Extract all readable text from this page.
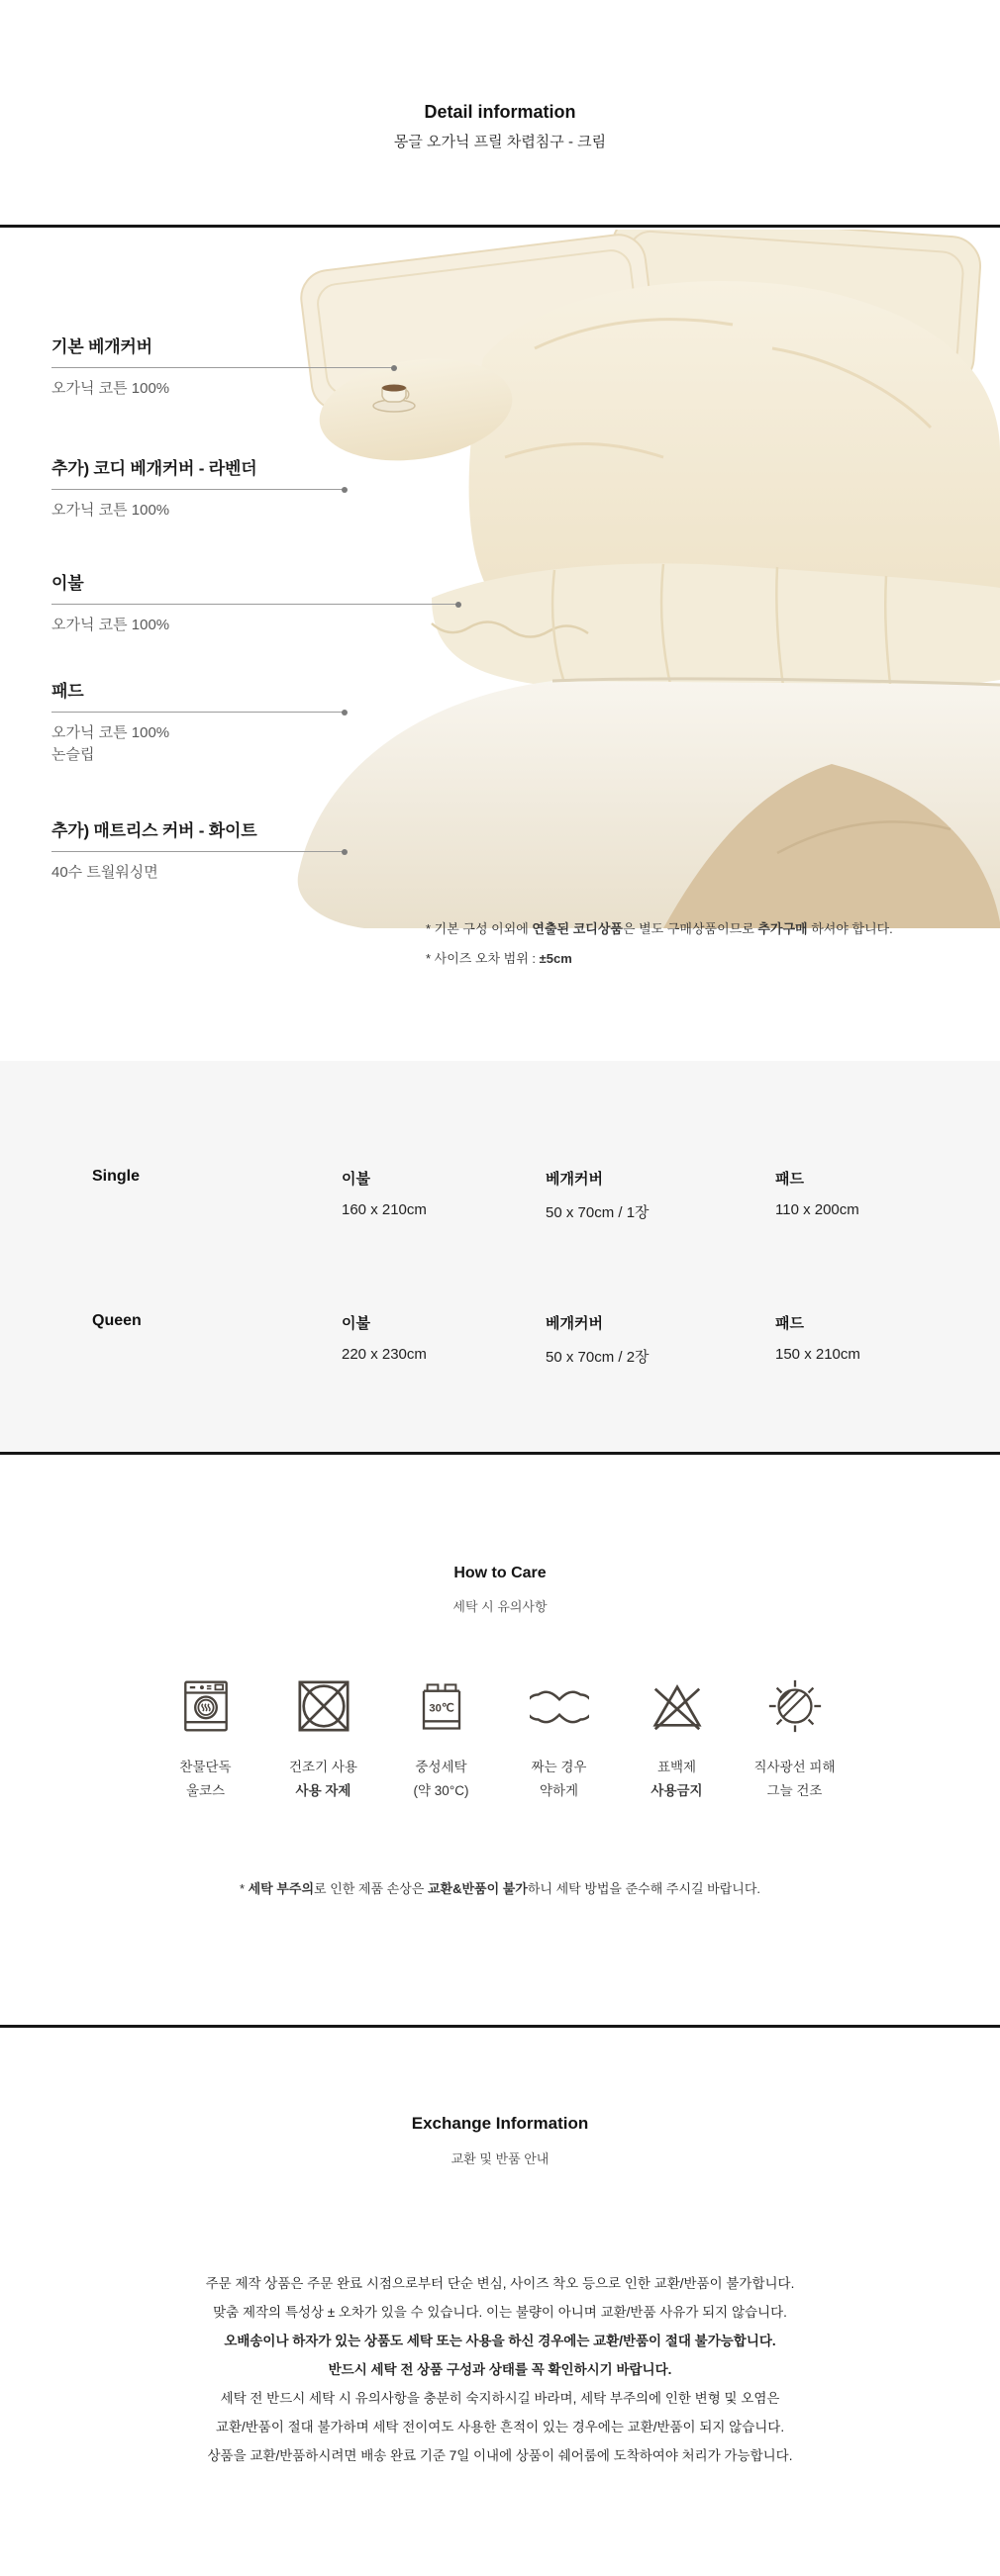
Detail information
몽글 오가닉 프릴 차렵침구 - 크림
기본 베개커버
오가닉 코튼 100%
추가) 코디 베개커버 - 라벤더
오가닉 코튼 100%
이불
오가닉 코튼 100%
패드
오가닉 코튼 100%
논슬립
추가) 매트리스 커버 - 화이트
40수 트월워싱면
* 기본 구성 이외에 연출된 코디상품은 별도 구매상품이므로 추가구매 하셔야 합니다.
* 사이즈 오차 범위 : ±5cm
Single	이불
160 x 210cm
베개커버
50 x 70cm / 1장
패드
110 x 200cm
Queen	이불
220 x 230cm
베개커버
50 x 70cm / 2장
패드
150 x 210cm
How to Care
세탁 시 유의사항
찬물단독
울코스
건조기 사용
사용 자제
30℃
중성세탁
(약 30°C)
짜는 경우
약하게
표백제
사용금지
직사광선 피해
그늘 건조
* 세탁 부주의로 인한 제품 손상은 교환&반품이 불가하니 세탁 방법을 준수해 주시길 바랍니다.
Exchange Information
교환 및 반품 안내
주문 제작 상품은 주문 완료 시점으로부터 단순 변심, 사이즈 착오 등으로 인한 교환/반품이 불가합니다.
맞춤 제작의 특성상 ± 오차가 있을 수 있습니다. 이는 불량이 아니며 교환/반품 사유가 되지 않습니다.
오배송이나 하자가 있는 상품도 세탁 또는 사용을 하신 경우에는 교환/반품이 절대 불가능합니다.
반드시 세탁 전 상품 구성과 상태를 꼭 확인하시기 바랍니다.
세탁 전 반드시 세탁 시 유의사항을 충분히 숙지하시길 바라며, 세탁 부주의에 인한 변형 및 오염은
교환/반품이 절대 불가하며 세탁 전이여도 사용한 흔적이 있는 경우에는 교환/반품이 되지 않습니다.
상품을 교환/반품하시려면 배송 완료 기준 7일 이내에 상품이 쉐어룸에 도착하여야 처리가 가능합니다.
